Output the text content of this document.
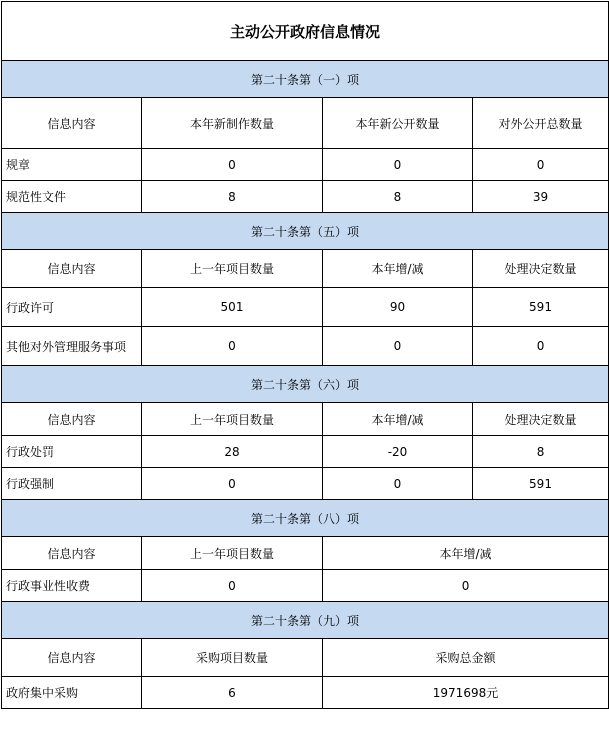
主动公开政府信息情况			
第二十条第（一）项			
信息内容	本年新制作数量	本年新公开数量	对外公开总数量
规章	0	0	0
规范性文件	8	8	39
第二十条第（五）项			
信息内容	上一年项目数量	本年增/减	处理决定数量
行政许可	501	90	591
其他对外管理服务事项	0	0	0
第二十条第（六）项			
信息内容	上一年项目数量	本年增/减	处理决定数量
行政处罚	28	-20	8
行政强制	0	0	591
第二十条第（八）项			
信息内容	上一年项目数量	本年增/减	
行政事业性收费	0	0	
第二十条第（九）项			
信息内容	采购项目数量	采购总金额	
政府集中采购	6	1971698元	
